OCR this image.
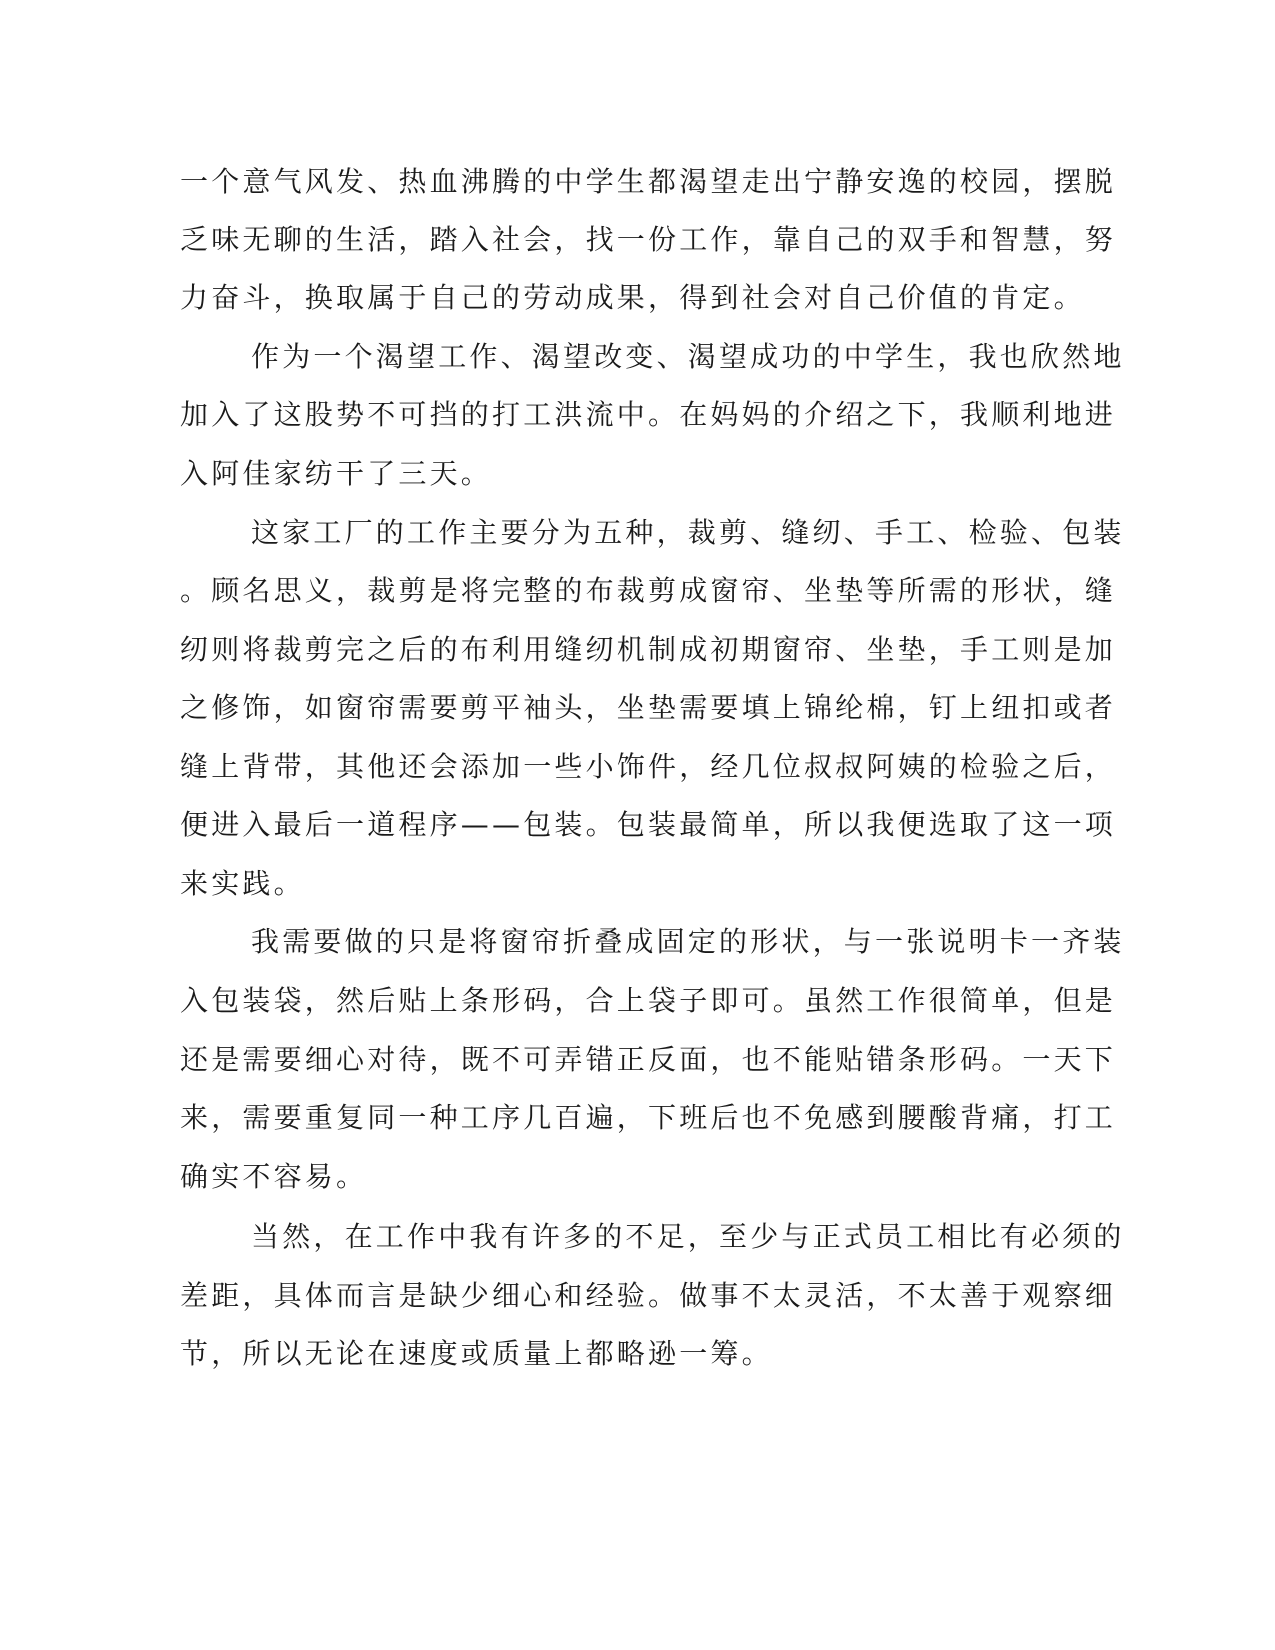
一个意气风发、热血沸腾的中学生都渴望走出宁静安逸的校园，摆脱
乏味无聊的生活，踏入社会，找一份工作，靠自己的双手和智慧，努
力奋斗，换取属于自己的劳动成果，得到社会对自己价值的肯定。
作为一个渴望工作、渴望改变、渴望成功的中学生，我也欣然地
加入了这股势不可挡的打工洪流中。在妈妈的介绍之下，我顺利地进
入阿佳家纺干了三天。
这家工厂的工作主要分为五种，裁剪、缝纫、手工、检验、包装
。顾名思义，裁剪是将完整的布裁剪成窗帘、坐垫等所需的形状，缝
纫则将裁剪完之后的布利用缝纫机制成初期窗帘、坐垫，手工则是加
之修饰，如窗帘需要剪平袖头，坐垫需要填上锦纶棉，钉上纽扣或者
缝上背带，其他还会添加一些小饰件，经几位叔叔阿姨的检验之后，
便进入最后一道程序——包装。包装最简单，所以我便选取了这一项
来实践。
我需要做的只是将窗帘折叠成固定的形状，与一张说明卡一齐装
入包装袋，然后贴上条形码，合上袋子即可。虽然工作很简单，但是
还是需要细心对待，既不可弄错正反面，也不能贴错条形码。一天下
来，需要重复同一种工序几百遍，下班后也不免感到腰酸背痛，打工
确实不容易。
当然，在工作中我有许多的不足，至少与正式员工相比有必须的
差距，具体而言是缺少细心和经验。做事不太灵活，不太善于观察细
节，所以无论在速度或质量上都略逊一筹。
